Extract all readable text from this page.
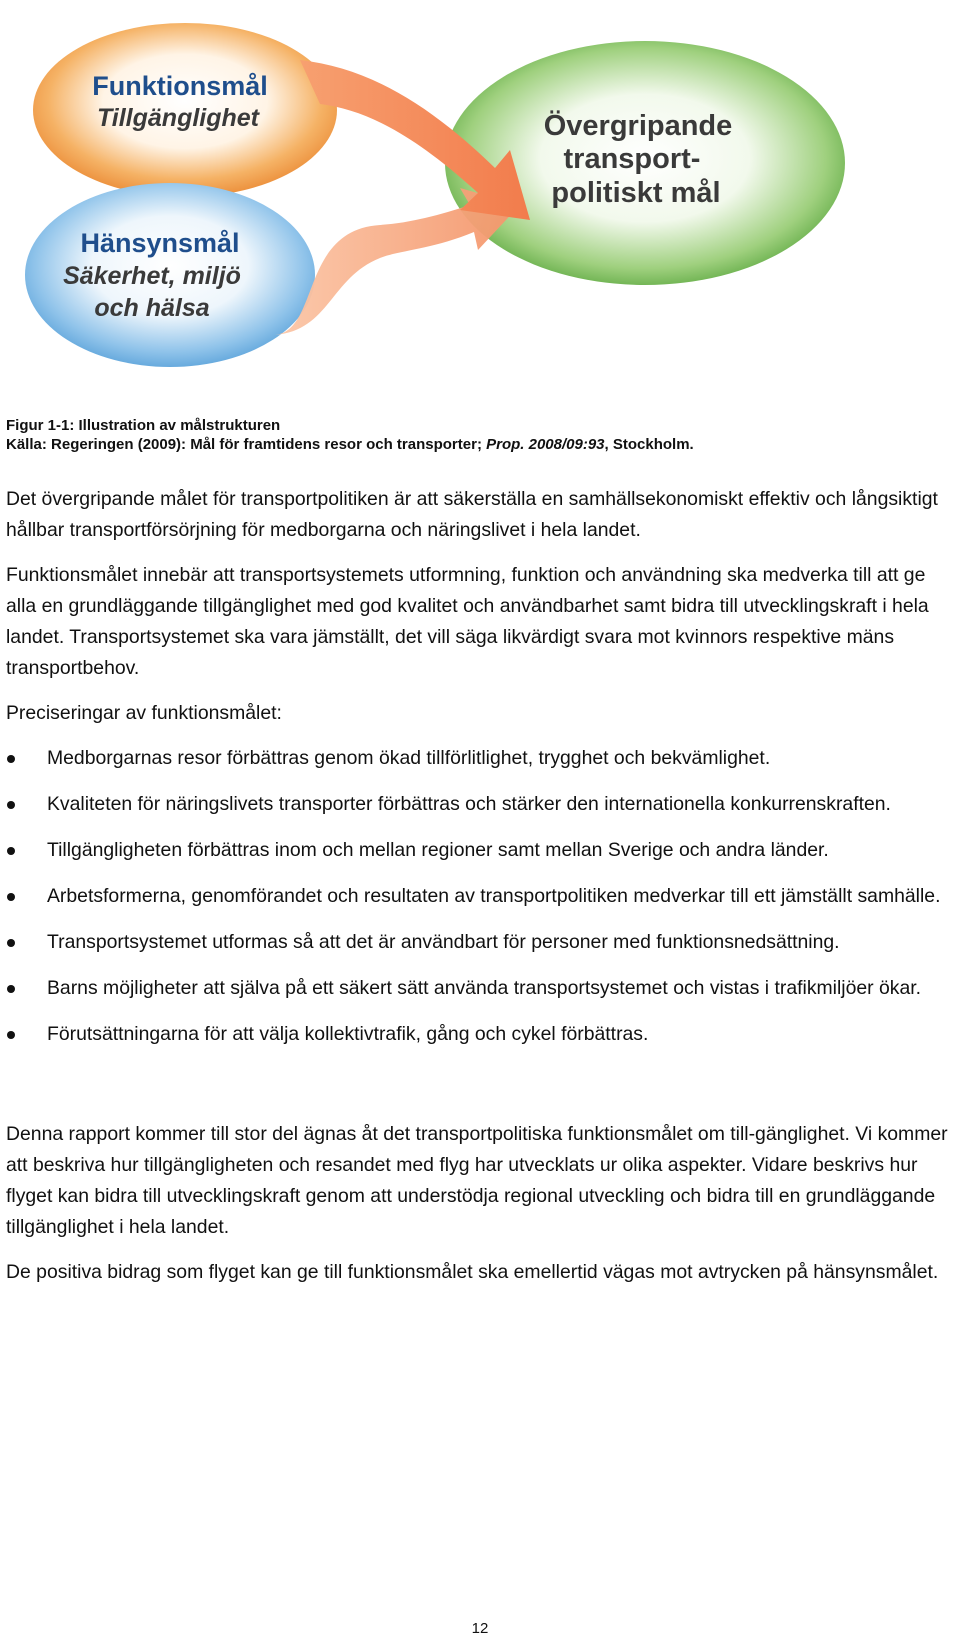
Funktionsmål
Tillgänglighet
Hänsynsmål
Säkerhet, miljö
och hälsa
Övergripande
transport-
politiskt mål
Figur 1-1: Illustration av målstrukturen
Källa: Regeringen (2009): Mål för framtidens resor och transporter; Prop. 2008/09:93, Stockholm.

Det övergripande målet för transportpolitiken är att säkerställa en samhällsekonomiskt effektiv och långsiktigt hållbar transportförsörjning för medborgarna och näringslivet i hela landet.

Funktionsmålet innebär att transportsystemets utformning, funktion och användning ska medverka till att ge alla en grundläggande tillgänglighet med god kvalitet och användbarhet samt bidra till utvecklingskraft i hela landet. Transportsystemet ska vara jämställt, det vill säga likvärdigt svara mot kvinnors respektive mäns transportbehov.

Preciseringar av funktionsmålet:

Medborgarnas resor förbättras genom ökad tillförlitlighet, trygghet och bekvämlighet.
Kvaliteten för näringslivets transporter förbättras och stärker den internationella konkurrenskraften.
Tillgängligheten förbättras inom och mellan regioner samt mellan Sverige och andra länder.
Arbetsformerna, genomförandet och resultaten av transportpolitiken medverkar till ett jämställt samhälle.
Transportsystemet utformas så att det är användbart för personer med funktionsnedsättning.
Barns möjligheter att själva på ett säkert sätt använda transportsystemet och vistas i trafikmiljöer ökar.
Förutsättningarna för att välja kollektivtrafik, gång och cykel förbättras.

Denna rapport kommer till stor del ägnas åt det transportpolitiska funktionsmålet om till-gänglighet. Vi kommer att beskriva hur tillgängligheten och resandet med flyg har utvecklats ur olika aspekter. Vidare beskrivs hur flyget kan bidra till utvecklingskraft genom att understödja regional utveckling och bidra till en grundläggande tillgänglighet i hela landet.

De positiva bidrag som flyget kan ge till funktionsmålet ska emellertid vägas mot avtrycken på hänsynsmålet.

12
